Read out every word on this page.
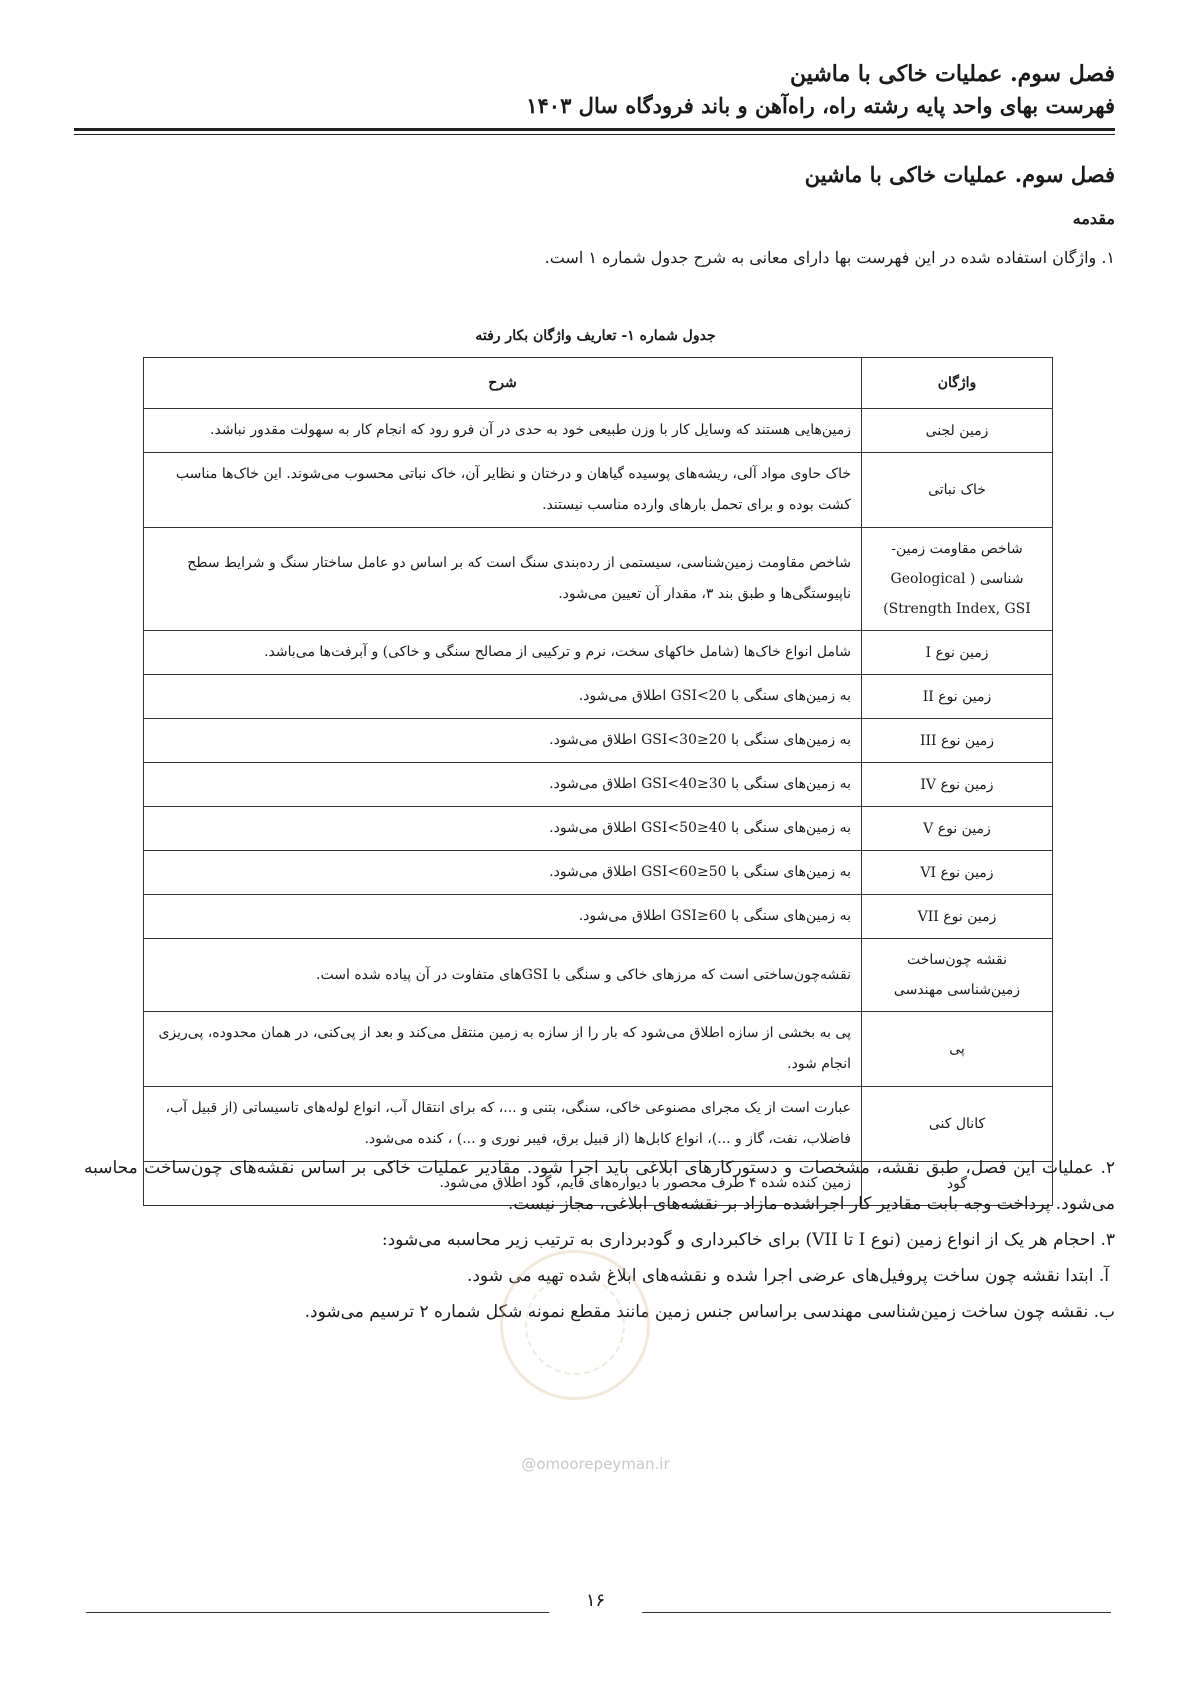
فصل سوم. عملیات خاکی با ماشین
فهرست بهای واحد پایه رشته راه، راه‌آهن و باند فرودگاه سال ۱۴۰۳
فصل سوم. عملیات خاکی با ماشین
مقدمه
۱. واژگان استفاده شده در این فهرست بها دارای معانی به شرح جدول شماره ۱ است.
جدول شماره ۱- تعاریف واژگان بکار رفته
واژگان	شرح
زمین لجنی	زمین‌هایی هستند که وسایل کار با وزن طبیعی خود به حدی در آن فرو رود که انجام کار به سهولت مقدور نباشد.
خاک نباتی	خاک حاوی مواد آلی، ریشه‌های پوسیده گیاهان و درختان و نظایر آن، خاک نباتی محسوب می‌شوند. این خاک‌ها مناسب کشت بوده و برای تحمل بارهای وارده مناسب نیستند.
شاخص مقاومت زمین-شناسی ( Geological Strength Index, GSI)	شاخص مقاومت زمین‌شناسی، سیستمی از رده‌بندی سنگ است که بر اساس دو عامل ساختار سنگ و شرایط سطح ناپیوستگی‌ها و طبق بند ۳، مقدار آن تعیین می‌شود.
زمین نوع I	شامل انواع خاک‌ها (شامل خاکهای سخت، نرم و ترکیبی از مصالح سنگی و خاکی) و آبرفت‌ها می‌باشد.
زمین نوع II	به زمین‌های سنگی با GSI<20 اطلاق می‌شود.
زمین نوع III	به زمین‌های سنگی با 20≤GSI<30 اطلاق می‌شود.
زمین نوع IV	به زمین‌های سنگی با 30≤GSI<40 اطلاق می‌شود.
زمین نوع V	به زمین‌های سنگی با 40≤GSI<50 اطلاق می‌شود.
زمین نوع VI	به زمین‌های سنگی با 50≤GSI<60 اطلاق می‌شود.
زمین نوع VII	به زمین‌های سنگی با 60≤GSI اطلاق می‌شود.
نقشه چون‌ساخت زمین‌شناسی مهندسی	نقشه‌چون‌ساختی است که مرزهای خاکی و سنگی با GSIهای متفاوت در آن پیاده شده است.
پی	پی به بخشی از سازه اطلاق می‌شود که بار را از سازه به زمین منتقل می‌کند و بعد از پی‌کنی، در همان محدوده، پی‌ریزی انجام شود.
کانال کنی	عبارت است از یک مجرای مصنوعی خاکی، سنگی، بتنی و ...، که برای انتقال آب، انواع لوله‌های تاسیساتی (از قبیل آب، فاضلاب، نفت، گاز و ...)، انواع کابل‌ها (از قبیل برق، فیبر نوری و ...) ، کنده می‌شود.
گود	زمین کنده شده ۴ طرف محصور با دیواره‌های قایم، گود اطلاق می‌شود.
۲. عملیات این فصل، طبق نقشه، مشخصات و دستورکارهای ابلاغی باید اجرا شود. مقادیر عملیات خاکی بر اساس نقشه‌های چون‌ساخت محاسبه می‌شود. پرداخت وجه بابت مقادیر کار اجراشده مازاد بر نقشه‌های ابلاغی، مجاز نیست.
۳. احجام هر یک از انواع زمین (نوع I تا VII) برای خاکبرداری و گودبرداری به ترتیب زیر محاسبه می‌شود:
آ. ابتدا نقشه چون ساخت پروفیل‌های عرضی اجرا شده و نقشه‌های ابلاغ شده تهیه می شود.
ب. نقشه چون ساخت زمین‌شناسی مهندسی براساس جنس زمین مانند مقطع نمونه شکل شماره ۲ ترسیم می‌شود.
@omoorepeyman.ir
۱۶
